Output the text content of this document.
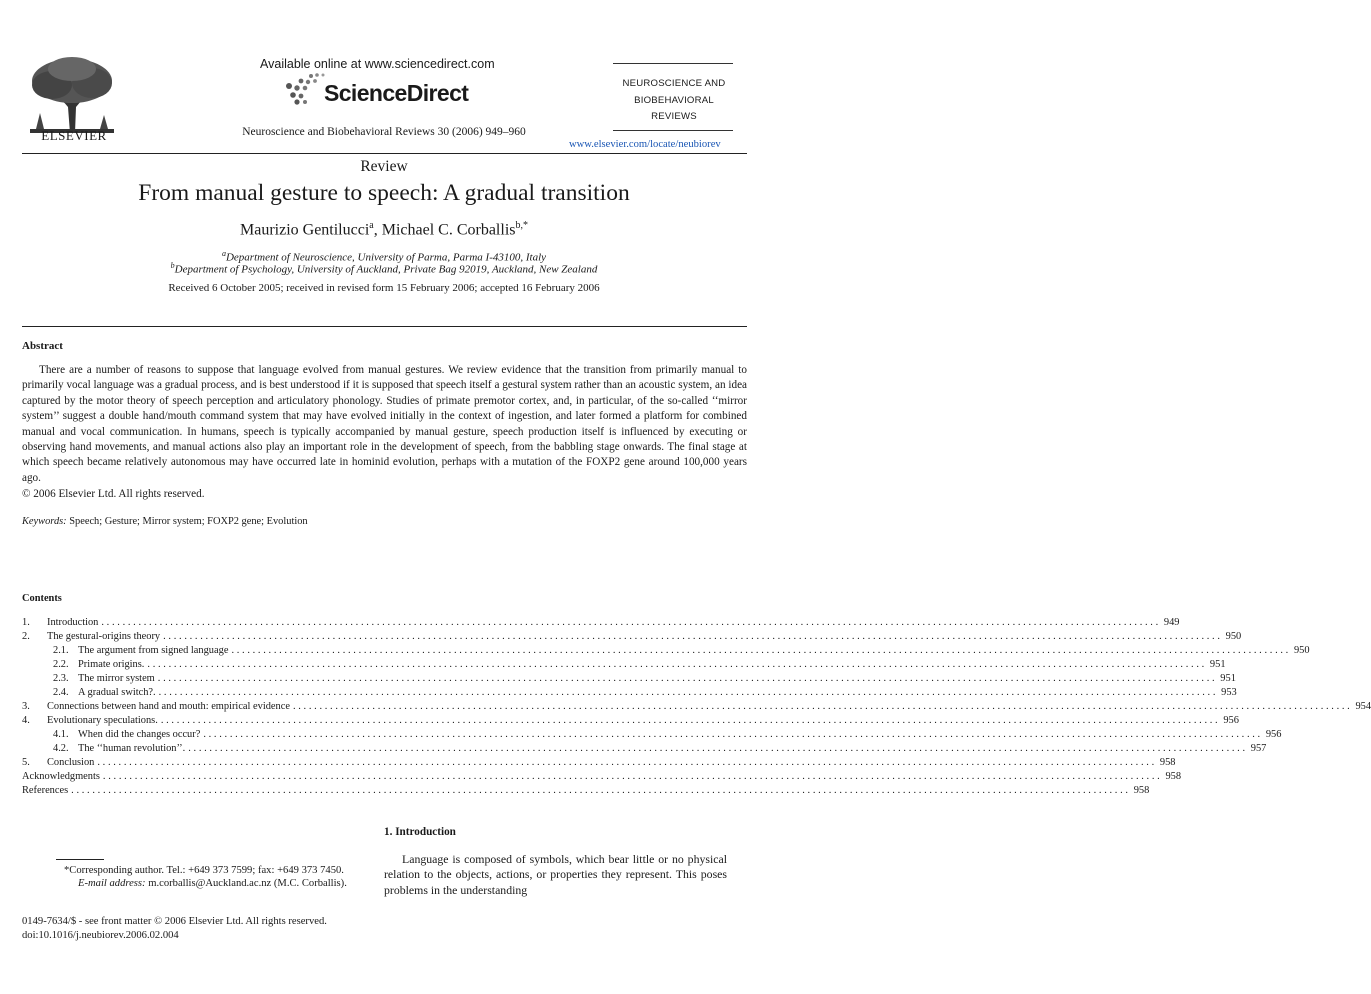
ELSEVIER
Available online at www.sciencedirect.com
ScienceDirect
Neuroscience and Biobehavioral Reviews 30 (2006) 949–960
NEUROSCIENCE AND
BIOBEHAVIORAL
REVIEWS
www.elsevier.com/locate/neubiorev
Review
From manual gesture to speech: A gradual transition
Maurizio Gentilucci$^a$, Michael C. Corballis$^{b,*}$
$^a$Department of Neuroscience, University of Parma, Parma I-43100, Italy
$^b$Department of Psychology, University of Auckland, Private Bag 92019, Auckland, New Zealand
Received 6 October 2005; received in revised form 15 February 2006; accepted 16 February 2006
Abstract
There are a number of reasons to suppose that language evolved from manual gestures. We review evidence that the transition from primarily manual to primarily vocal language was a gradual process, and is best understood if it is supposed that speech itself a gestural system rather than an acoustic system, an idea captured by the motor theory of speech perception and articulatory phonology. Studies of primate premotor cortex, and, in particular, of the so-called ‘‘mirror system’’ suggest a double hand/mouth command system that may have evolved initially in the context of ingestion, and later formed a platform for combined manual and vocal communication. In humans, speech is typically accompanied by manual gesture, speech production itself is influenced by executing or observing hand movements, and manual actions also play an important role in the development of speech, from the babbling stage onwards. The final stage at which speech became relatively autonomous may have occurred late in hominid evolution, perhaps with a mutation of the FOXP2 gene around 100,000 years ago.
© 2006 Elsevier Ltd. All rights reserved.
Keywords: Speech; Gesture; Mirror system; FOXP2 gene; Evolution
Contents
1.	Introduction ........................................................................................................................................................................................................ 949
2.	The gestural-origins theory ........................................................................................................................................................................................................ 950
2.1. The argument from signed language ........................................................................................................................................................................................................ 950
2.2. Primate origins. ........................................................................................................................................................................................................ 951
2.3. The mirror system ........................................................................................................................................................................................................ 951
2.4. A gradual switch?. ........................................................................................................................................................................................................ 953
3.	Connections between hand and mouth: empirical evidence ........................................................................................................................................................................................................ 954
4.	Evolutionary speculations. ........................................................................................................................................................................................................ 956
4.1. When did the changes occur? ........................................................................................................................................................................................................ 956
4.2. The ‘‘human revolution’’. ........................................................................................................................................................................................................ 957
5.	Conclusion ........................................................................................................................................................................................................ 958
Acknowledgments ........................................................................................................................................................................................................ 958
References ........................................................................................................................................................................................................ 958
1. Introduction
Language is composed of symbols, which bear little or no physical relation to the objects, actions, or properties they represent. This poses problems in the understanding
*Corresponding author. Tel.: +649 373 7599; fax: +649 373 7450.
E-mail address: m.corballis@Auckland.ac.nz (M.C. Corballis).
0149-7634/$ - see front matter © 2006 Elsevier Ltd. All rights reserved.
doi:10.1016/j.neubiorev.2006.02.004
